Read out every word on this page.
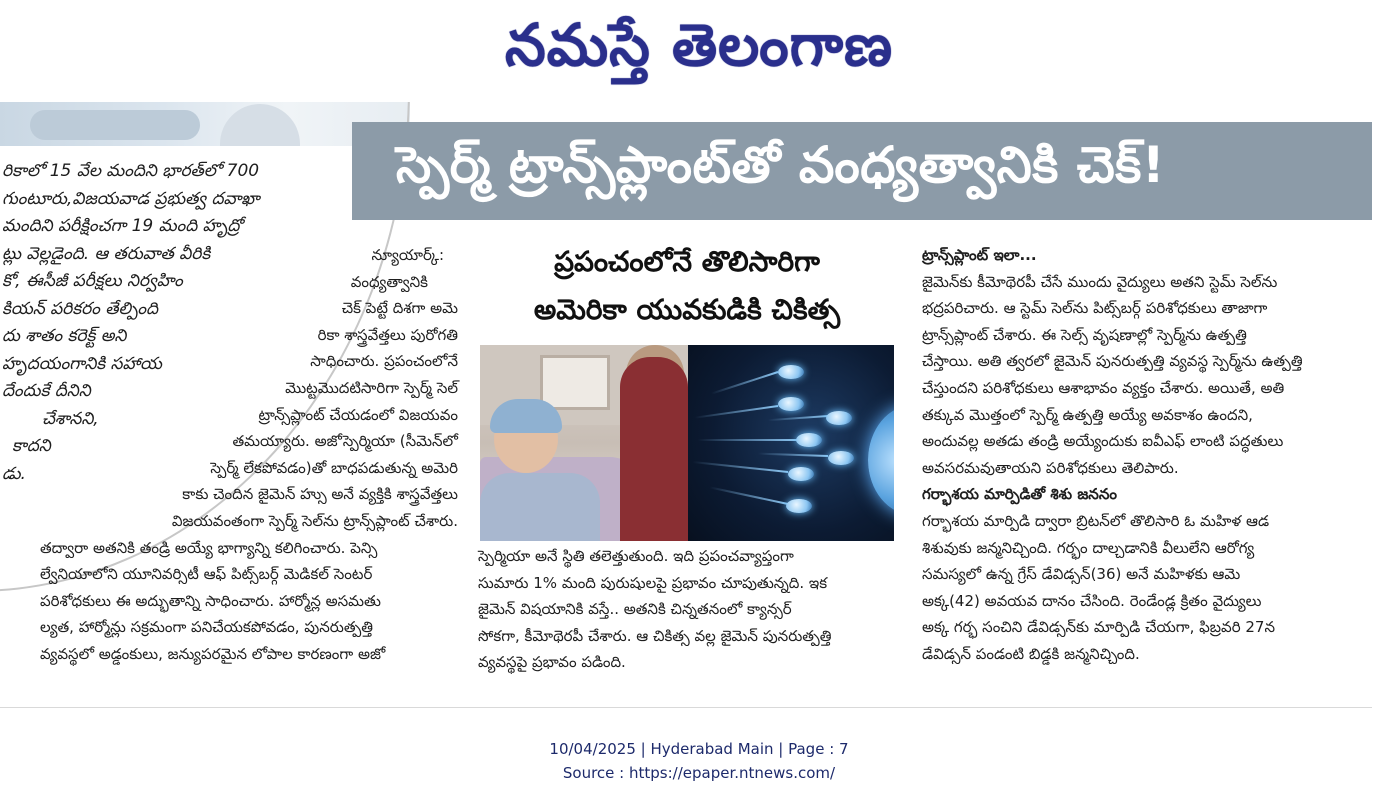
నమస్తే తెలంగాణ
రికాలో 15 వేల మందిని భారత్‌లో 700
గుంటూరు,విజయవాడ ప్రభుత్వ దవాఖా
మందిని పరీక్షించగా 19 మంది హృద్రో
ట్లు వెల్లడైంది. ఆ తరువాత వీరికి
కో, ఈసీజీ పరీక్షలు నిర్వహిం
కియన్ పరికరం తేల్పింది
దు శాతం కరెక్ట్ అని
హృదయంగానికి సహాయ
దేందుకే దీనిని
చేశానని,
కాదని
డు.
స్పెర్మ్ ట్రాన్స్‌ప్లాంట్‌తో వంధ్యత్వానికి చెక్!
న్యూయార్క్:
వంధ్యత్వానికి
చెక్ పెట్టే దిశగా అమె
రికా శాస్త్రవేత్తలు పురోగతి
సాధించారు. ప్రపంచంలోనే
మొట్టమొదటిసారిగా స్పెర్మ్ సెల్
ట్రాన్స్‌ప్లాంట్ చేయడంలో విజయవం
తమయ్యారు. అజోస్పెర్మియా (సీమెన్‌లో
స్పెర్మ్ లేకపోవడం)తో బాధపడుతున్న అమెరి
కాకు చెందిన జైమెన్ హ్సు అనే వ్యక్తికి శాస్త్రవేత్తలు
విజయవంతంగా స్పెర్మ్ సెల్‌ను ట్రాన్స్‌ప్లాంట్ చేశారు.
తద్వారా అతనికి తండ్రి అయ్యే భాగ్యాన్ని కలిగించారు. పెన్సి
ల్వేనియాలోని యూనివర్సిటీ ఆఫ్ పిట్స్‌బర్గ్ మెడికల్ సెంటర్
పరిశోధకులు ఈ అద్భుతాన్ని సాధించారు. హార్మోన్ల అసమతు
ల్యత, హార్మోన్లు సక్రమంగా పనిచేయకపోవడం, పునరుత్పత్తి
వ్యవస్థలో అడ్డంకులు, జన్యుపరమైన లోపాల కారణంగా అజో
ప్రపంచంలోనే తొలిసారిగా
అమెరికా యువకుడికి చికిత్స
స్పెర్మియా అనే స్థితి తలెత్తుతుంది. ఇది ప్రపంచవ్యాప్తంగా
సుమారు 1% మంది పురుషులపై ప్రభావం చూపుతున్నది. ఇక
జైమెన్ విషయానికి వస్తే.. అతనికి చిన్నతనంలో క్యాన్సర్
సోకగా, కీమోథెరపీ చేశారు. ఆ చికిత్స వల్ల జైమెన్ పునరుత్పత్తి
వ్యవస్థపై ప్రభావం పడింది.
ట్రాన్స్‌ప్లాంట్ ఇలా...
జైమెన్‌కు కీమోథెరపీ చేసే ముందు వైద్యులు అతని స్టెమ్ సెల్‌ను
భద్రపరిచారు. ఆ స్టెమ్ సెల్‌ను పిట్స్‌బర్గ్ పరిశోధకులు తాజాగా
ట్రాన్స్‌ప్లాంట్ చేశారు. ఈ సెల్స్ వృషణాల్లో స్పెర్మ్‌ను ఉత్పత్తి
చేస్తాయి. అతి త్వరలో జైమెన్ పునరుత్పత్తి వ్యవస్థ స్పెర్మ్‌ను ఉత్పత్తి
చేస్తుందని పరిశోధకులు ఆశాభావం వ్యక్తం చేశారు. అయితే, అతి
తక్కువ మొత్తంలో స్పెర్మ్ ఉత్పత్తి అయ్యే అవకాశం ఉందని,
అందువల్ల అతడు తండ్రి అయ్యేందుకు ఐవీఎఫ్ లాంటి పద్ధతులు
అవసరమవుతాయని పరిశోధకులు తెలిపారు.
గర్భాశయ మార్పిడితో శిశు జననం
గర్భాశయ మార్పిడి ద్వారా బ్రిటన్‌లో తొలిసారి ఓ మహిళ ఆడ
శిశువుకు జన్మనిచ్చింది. గర్భం దాల్చడానికి వీలులేని ఆరోగ్య
సమస్యలో ఉన్న గ్రేస్ డేవిడ్సన్(36) అనే మహిళకు ఆమె
అక్క(42) అవయవ దానం చేసింది. రెండేండ్ల క్రితం వైద్యులు
అక్క గర్భ సంచిని డేవిడ్సన్‌కు మార్పిడి చేయగా, ఫిబ్రవరి 27న
డేవిడ్సన్ పండంటి బిడ్డకి జన్మనిచ్చింది.
10/04/2025 | Hyderabad Main | Page : 7
Source : https://epaper.ntnews.com/
